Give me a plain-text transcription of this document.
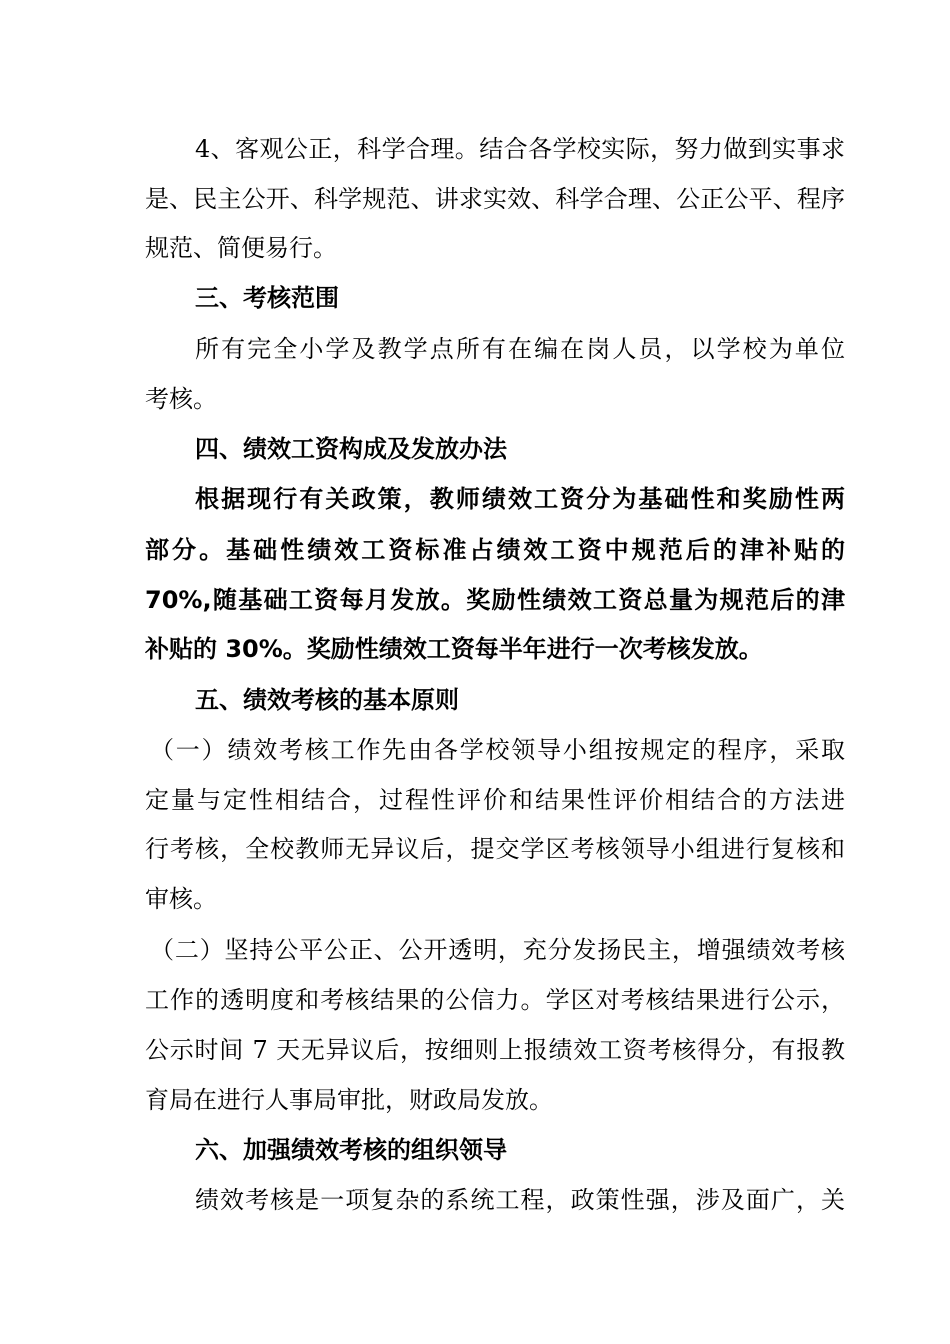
4、客观公正，科学合理。结合各学校实际，努力做到实事求
是、民主公开、科学规范、讲求实效、科学合理、公正公平、程序
规范、简便易行。
三、考核范围
所有完全小学及教学点所有在编在岗人员，以学校为单位
考核。
四、绩效工资构成及发放办法
根据现行有关政策，教师绩效工资分为基础性和奖励性两
部分。基础性绩效工资标准占绩效工资中规范后的津补贴的
70%,随基础工资每月发放。奖励性绩效工资总量为规范后的津
补贴的 30%。奖励性绩效工资每半年进行一次考核发放。
五、绩效考核的基本原则
（一）绩效考核工作先由各学校领导小组按规定的程序，采取
定量与定性相结合，过程性评价和结果性评价相结合的方法进
行考核，全校教师无异议后，提交学区考核领导小组进行复核和
审核。
（二）坚持公平公正、公开透明，充分发扬民主，增强绩效考核
工作的透明度和考核结果的公信力。学区对考核结果进行公示，
公示时间 7 天无异议后，按细则上报绩效工资考核得分，有报教
育局在进行人事局审批，财政局发放。
六、加强绩效考核的组织领导
绩效考核是一项复杂的系统工程，政策性强，涉及面广，关
